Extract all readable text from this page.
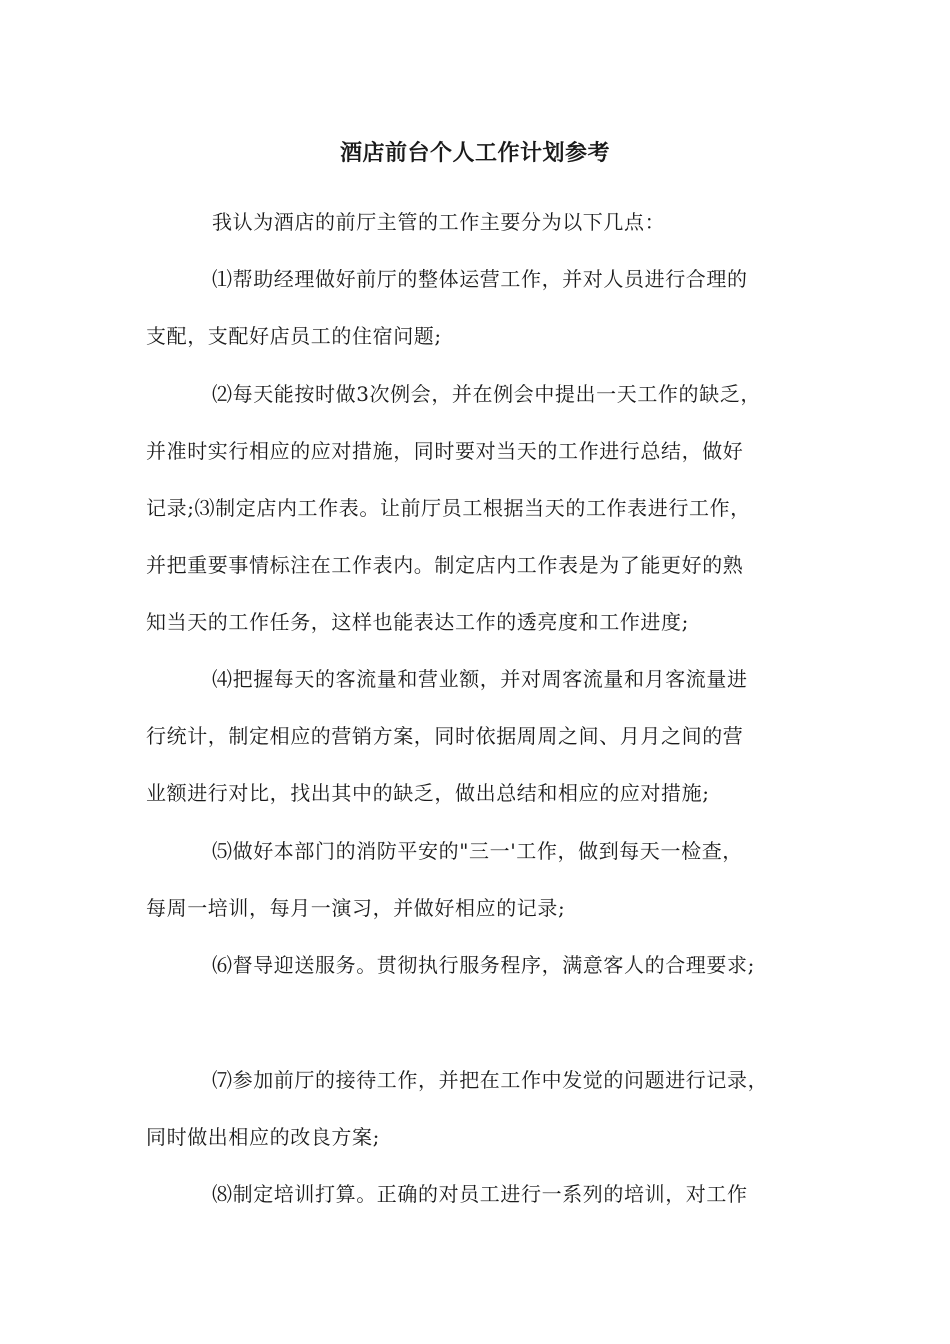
酒店前台个人工作计划参考
我认为酒店的前厅主管的工作主要分为以下几点：
⑴帮助经理做好前厅的整体运营工作，并对人员进行合理的
支配，支配好店员工的住宿问题;
⑵每天能按时做3次例会，并在例会中提出一天工作的缺乏，
并准时实行相应的应对措施，同时要对当天的工作进行总结，做好
记录;⑶制定店内工作表。让前厅员工根据当天的工作表进行工作，
并把重要事情标注在工作表内。制定店内工作表是为了能更好的熟
知当天的工作任务，这样也能表达工作的透亮度和工作进度;
⑷把握每天的客流量和营业额，并对周客流量和月客流量进
行统计，制定相应的营销方案，同时依据周周之间、月月之间的营
业额进行对比，找出其中的缺乏，做出总结和相应的应对措施;
⑸做好本部门的消防平安的"三一'工作，做到每天一检查，
每周一培训，每月一演习，并做好相应的记录;
⑹督导迎送服务。贯彻执行服务程序，满意客人的合理要求;
⑺参加前厅的接待工作，并把在工作中发觉的问题进行记录，
同时做出相应的改良方案;
⑻制定培训打算。正确的对员工进行一系列的培训，对工作
